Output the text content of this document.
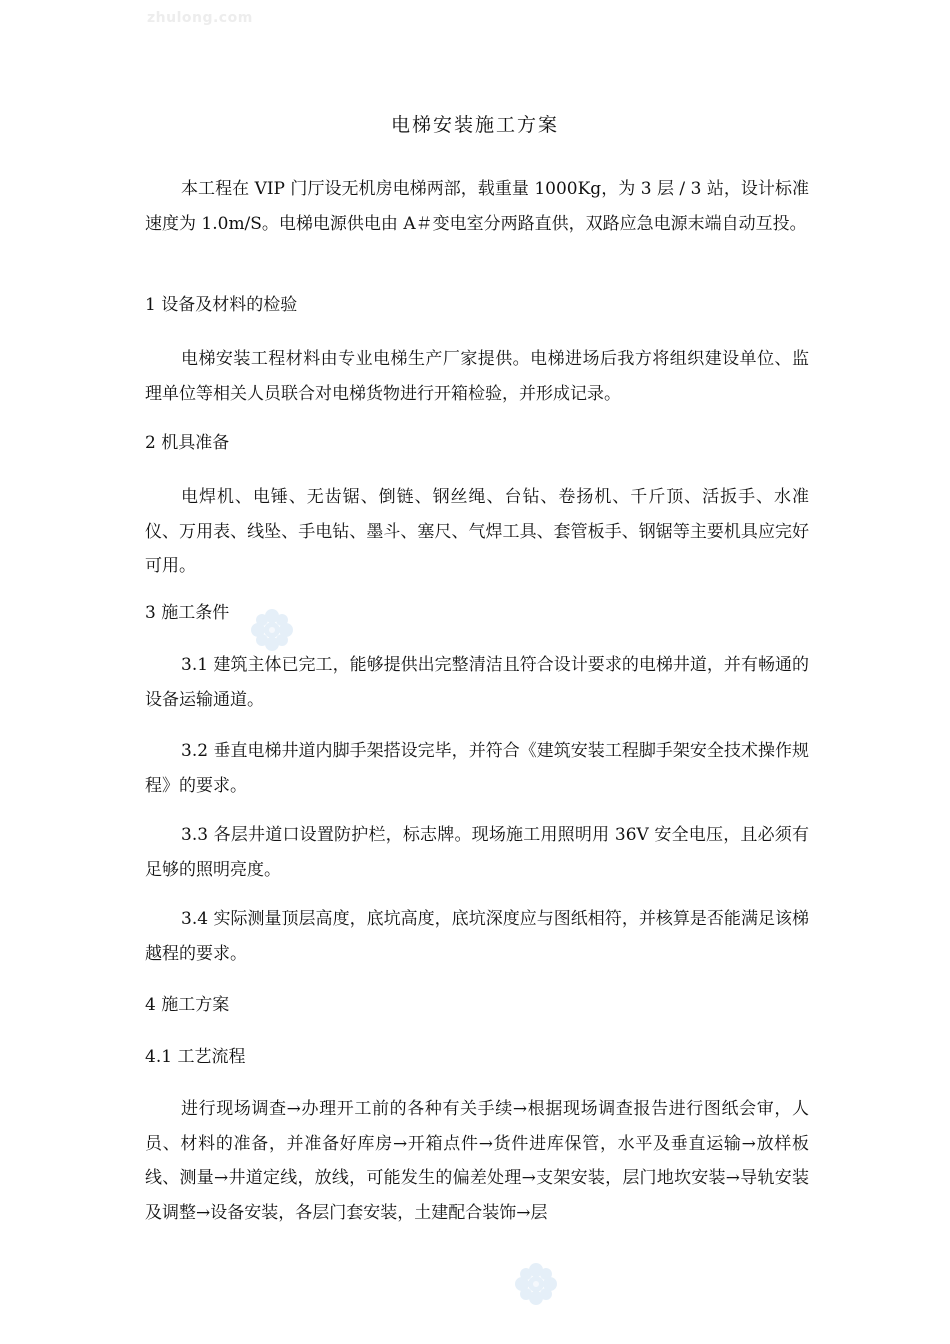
zhulong.com
电梯安装施工方案
本工程在 VIP 门厅设无机房电梯两部，载重量 1000Kg，为 3 层 / 3 站，设计标准速度为 1.0m/S。电梯电源供电由 A＃变电室分两路直供，双路应急电源末端自动互投。
1 设备及材料的检验
电梯安装工程材料由专业电梯生产厂家提供。电梯进场后我方将组织建设单位、监理单位等相关人员联合对电梯货物进行开箱检验，并形成记录。
2 机具准备
电焊机、电锤、无齿锯、倒链、钢丝绳、台钻、卷扬机、千斤顶、活扳手、水准仪、万用表、线坠、手电钻、墨斗、塞尺、气焊工具、套管板手、钢锯等主要机具应完好可用。
3 施工条件
3.1 建筑主体已完工，能够提供出完整清洁且符合设计要求的电梯井道，并有畅通的设备运输通道。
3.2 垂直电梯井道内脚手架搭设完毕，并符合《建筑安装工程脚手架安全技术操作规程》的要求。
3.3 各层井道口设置防护栏，标志牌。现场施工用照明用 36V 安全电压，且必须有足够的照明亮度。
3.4 实际测量顶层高度，底坑高度，底坑深度应与图纸相符，并核算是否能满足该梯越程的要求。
4 施工方案
4.1 工艺流程
进行现场调查→办理开工前的各种有关手续→根据现场调查报告进行图纸会审，人员、材料的准备，并准备好库房→开箱点件→货件进库保管，水平及垂直运输→放样板线、测量→井道定线，放线，可能发生的偏差处理→支架安装，层门地坎安装→导轨安装及调整→设备安装，各层门套安装，土建配合装饰→层
